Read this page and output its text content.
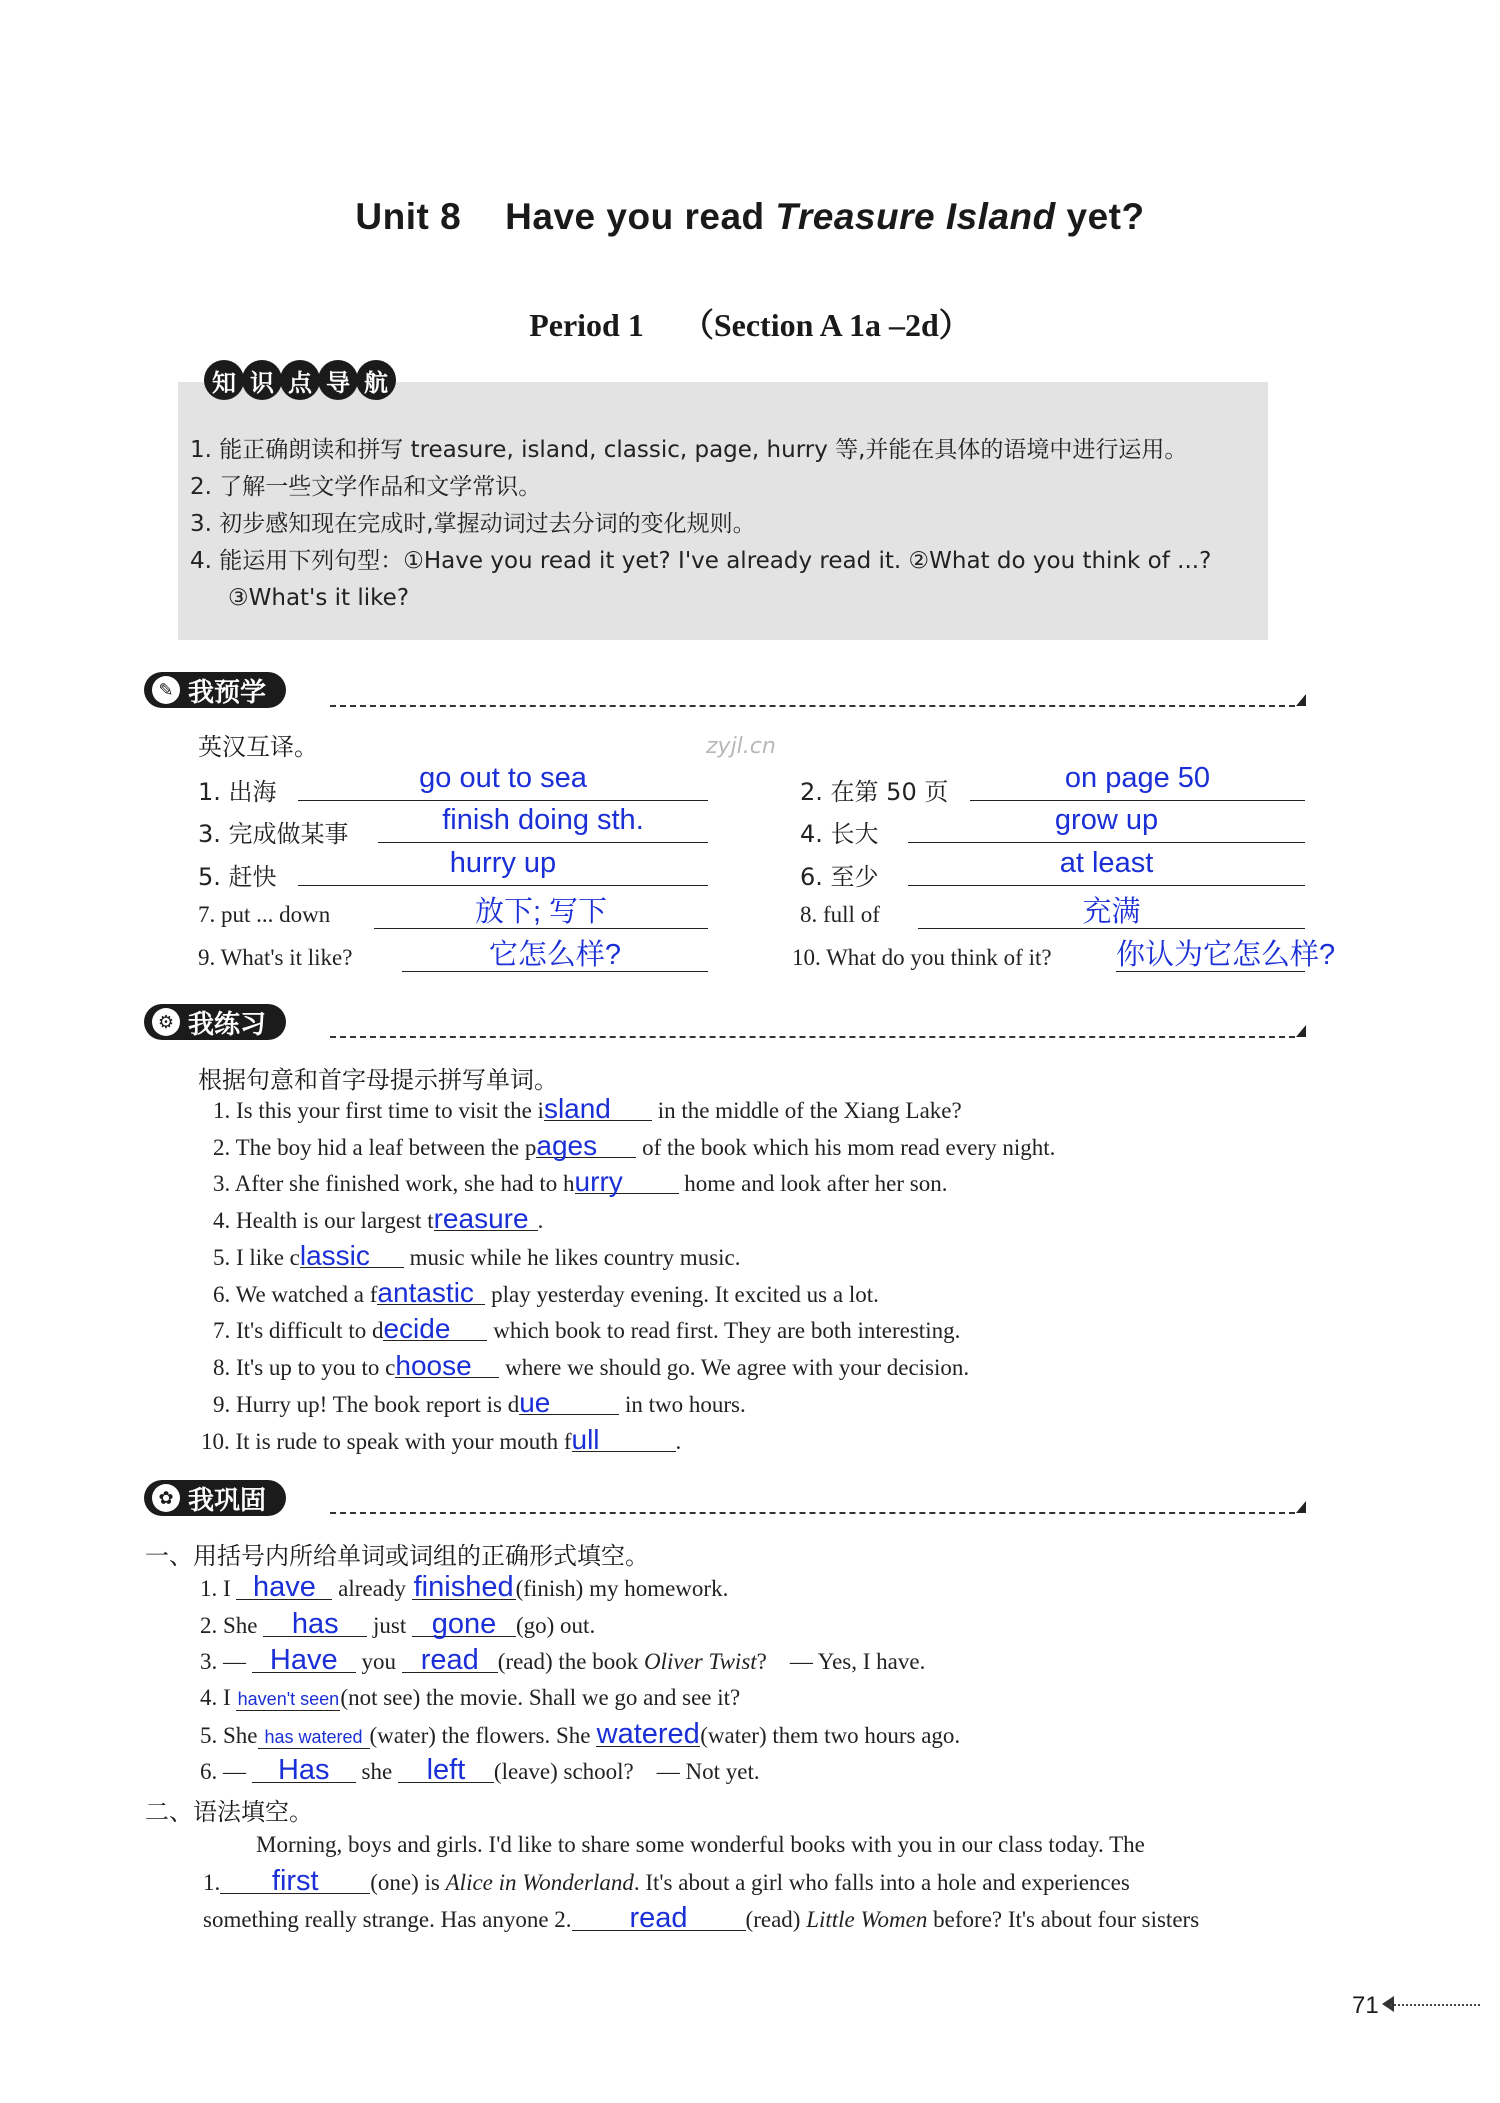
Unit 8 Have you read Treasure Island yet?
Period 1 （Section A 1a –2d）
知 识 点 导 航
1. 能正确朗读和拼写 treasure, island, classic, page, hurry 等,并能在具体的语境中进行运用。
2. 了解一些文学作品和文学常识。
3. 初步感知现在完成时,掌握动词过去分词的变化规则。
4. 能运用下列句型：①Have you read it yet? I've already read it. ②What do you think of ...?
③What's it like?
✎ 我预学
英汉互译。	zyjl.cn
1. 出海	go out to sea	2. 在第 50 页	on page 50
3. 完成做某事	finish doing sth.	4. 长大	grow up
5. 赶快	hurry up	6. 至少	at least
7. put ... down	放下; 写下	8. full of	充满
9. What's it like?	它怎么样?	10. What do you think of it? 你认为它怎么样?
⚙ 我练习
根据句意和首字母提示拼写单词。
1. Is this your first time to visit the island in the middle of the Xiang Lake?
2. The boy hid a leaf between the pages of the book which his mom read every night.
3. After she finished work, she had to hurry	home and look after her son.
4. Health is our largest treasure .
5. I like classic music while he likes country music.
6. We watched a fantastic play yesterday evening. It excited us a lot.
7. It's difficult to decide which book to read first. They are both interesting.
8. It's up to you to choose where we should go. We agree with your decision.
9. Hurry up! The book report is due	in two hours.
10. It is rude to speak with your mouth full	.
✿ 我巩固
一、用括号内所给单词或词组的正确形式填空。
1. I have already finished(finish) my homework.
2. She has just gone (go) out.
3. — Have you read (read) the book Oliver Twist? — Yes, I have.
4. I haven't seen(not see) the movie. Shall we go and see it?
5. She has watered (water) the flowers. She watered(water) them two hours ago.
6. — Has she left (leave) school? — Not yet.
二、语法填空。
Morning, boys and girls. I'd like to share some wonderful books with you in our class today. The
1. first (one) is Alice in Wonderland. It's about a girl who falls into a hole and experiences
something really strange. Has anyone 2. read	(read) Little Women before? It's about four sisters
71
